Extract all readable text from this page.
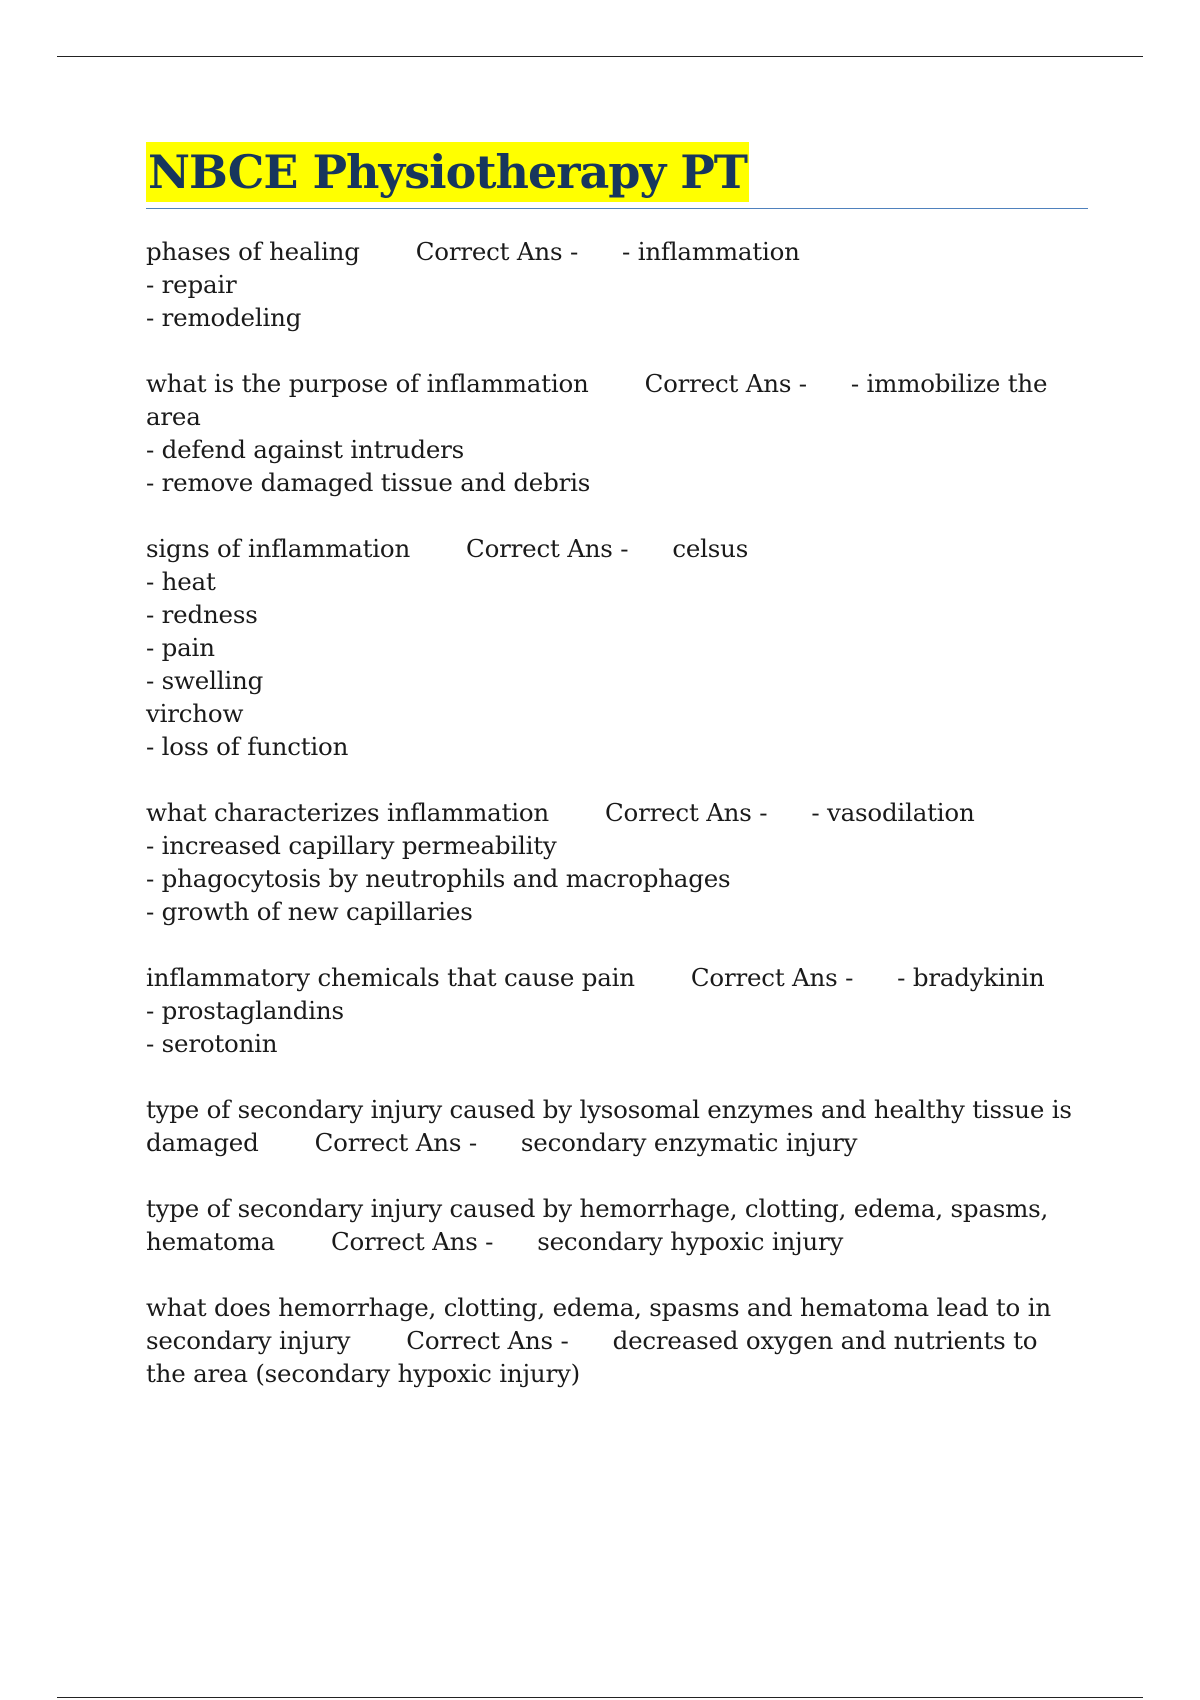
NBCE Physiotherapy PT
phases of healing Correct Ans - - inflammation
- repair
- remodeling
what is the purpose of inflammation Correct Ans - - immobilize the
area
- defend against intruders
- remove damaged tissue and debris
signs of inflammation Correct Ans - celsus
- heat
- redness
- pain
- swelling
virchow
- loss of function
what characterizes inflammation Correct Ans - - vasodilation
- increased capillary permeability
- phagocytosis by neutrophils and macrophages
- growth of new capillaries
inflammatory chemicals that cause pain Correct Ans - - bradykinin
- prostaglandins
- serotonin
type of secondary injury caused by lysosomal enzymes and healthy tissue is
damaged Correct Ans - secondary enzymatic injury
type of secondary injury caused by hemorrhage, clotting, edema, spasms,
hematoma Correct Ans - secondary hypoxic injury
what does hemorrhage, clotting, edema, spasms and hematoma lead to in
secondary injury Correct Ans - decreased oxygen and nutrients to
the area (secondary hypoxic injury)
